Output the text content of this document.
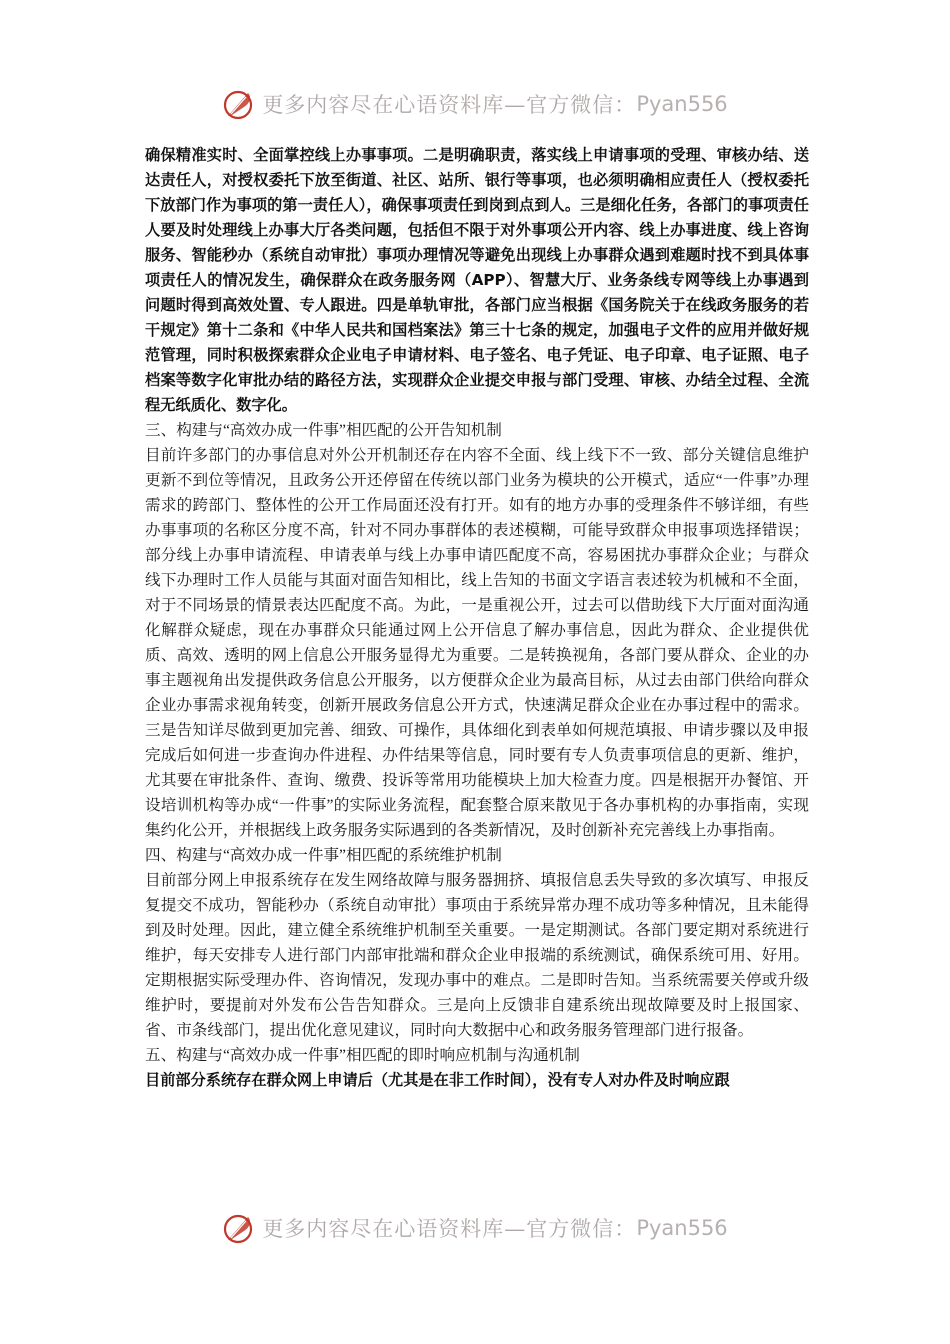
更多内容尽在心语资料库—官方微信： Pyan556

确保精准实时、全面掌控线上办事事项。二是明确职责，落实线上申请事项的受理、审核办结、送达责任人，对授权委托下放至街道、社区、站所、银行等事项，也必须明确相应责任人（授权委托下放部门作为事项的第一责任人），确保事项责任到岗到点到人。三是细化任务，各部门的事项责任人要及时处理线上办事大厅各类问题，包括但不限于对外事项公开内容、线上办事进度、线上咨询服务、智能秒办（系统自动审批）事项办理情况等避免出现线上办事群众遇到难题时找不到具体事项责任人的情况发生，确保群众在政务服务网（APP）、智慧大厅、业务条线专网等线上办事遇到问题时得到高效处置、专人跟进。四是单轨审批，各部门应当根据《国务院关于在线政务服务的若干规定》第十二条和《中华人民共和国档案法》第三十七条的规定，加强电子文件的应用并做好规范管理，同时积极探索群众企业电子申请材料、电子签名、电子凭证、电子印章、电子证照、电子档案等数字化审批办结的路径方法，实现群众企业提交申报与部门受理、审核、办结全过程、全流程无纸质化、数字化。

三、构建与“高效办成一件事”相匹配的公开告知机制

目前许多部门的办事信息对外公开机制还存在内容不全面、线上线下不一致、部分关键信息维护更新不到位等情况，且政务公开还停留在传统以部门业务为模块的公开模式，适应“一件事”办理需求的跨部门、整体性的公开工作局面还没有打开。如有的地方办事的受理条件不够详细，有些办事事项的名称区分度不高，针对不同办事群体的表述模糊，可能导致群众申报事项选择错误；部分线上办事申请流程、申请表单与线上办事申请匹配度不高，容易困扰办事群众企业；与群众线下办理时工作人员能与其面对面告知相比，线上告知的书面文字语言表述较为机械和不全面，对于不同场景的情景表达匹配度不高。为此，一是重视公开，过去可以借助线下大厅面对面沟通化解群众疑虑，现在办事群众只能通过网上公开信息了解办事信息，因此为群众、企业提供优质、高效、透明的网上信息公开服务显得尤为重要。二是转换视角，各部门要从群众、企业的办事主题视角出发提供政务信息公开服务，以方便群众企业为最高目标，从过去由部门供给向群众企业办事需求视角转变，创新开展政务信息公开方式，快速满足群众企业在办事过程中的需求。三是告知详尽做到更加完善、细致、可操作，具体细化到表单如何规范填报、申请步骤以及申报完成后如何进一步查询办件进程、办件结果等信息，同时要有专人负责事项信息的更新、维护，尤其要在审批条件、查询、缴费、投诉等常用功能模块上加大检查力度。四是根据开办餐馆、开设培训机构等办成“一件事”的实际业务流程，配套整合原来散见于各办事机构的办事指南，实现集约化公开，并根据线上政务服务实际遇到的各类新情况，及时创新补充完善线上办事指南。

四、构建与“高效办成一件事”相匹配的系统维护机制

目前部分网上申报系统存在发生网络故障与服务器拥挤、填报信息丢失导致的多次填写、申报反复提交不成功，智能秒办（系统自动审批）事项由于系统异常办理不成功等多种情况，且未能得到及时处理。因此，建立健全系统维护机制至关重要。一是定期测试。各部门要定期对系统进行维护，每天安排专人进行部门内部审批端和群众企业申报端的系统测试，确保系统可用、好用。定期根据实际受理办件、咨询情况，发现办事中的难点。二是即时告知。当系统需要关停或升级维护时，要提前对外发布公告告知群众。三是向上反馈非自建系统出现故障要及时上报国家、省、市条线部门，提出优化意见建议，同时向大数据中心和政务服务管理部门进行报备。

五、构建与“高效办成一件事”相匹配的即时响应机制与沟通机制

目前部分系统存在群众网上申请后（尤其是在非工作时间），没有专人对办件及时响应跟

更多内容尽在心语资料库—官方微信： Pyan556
